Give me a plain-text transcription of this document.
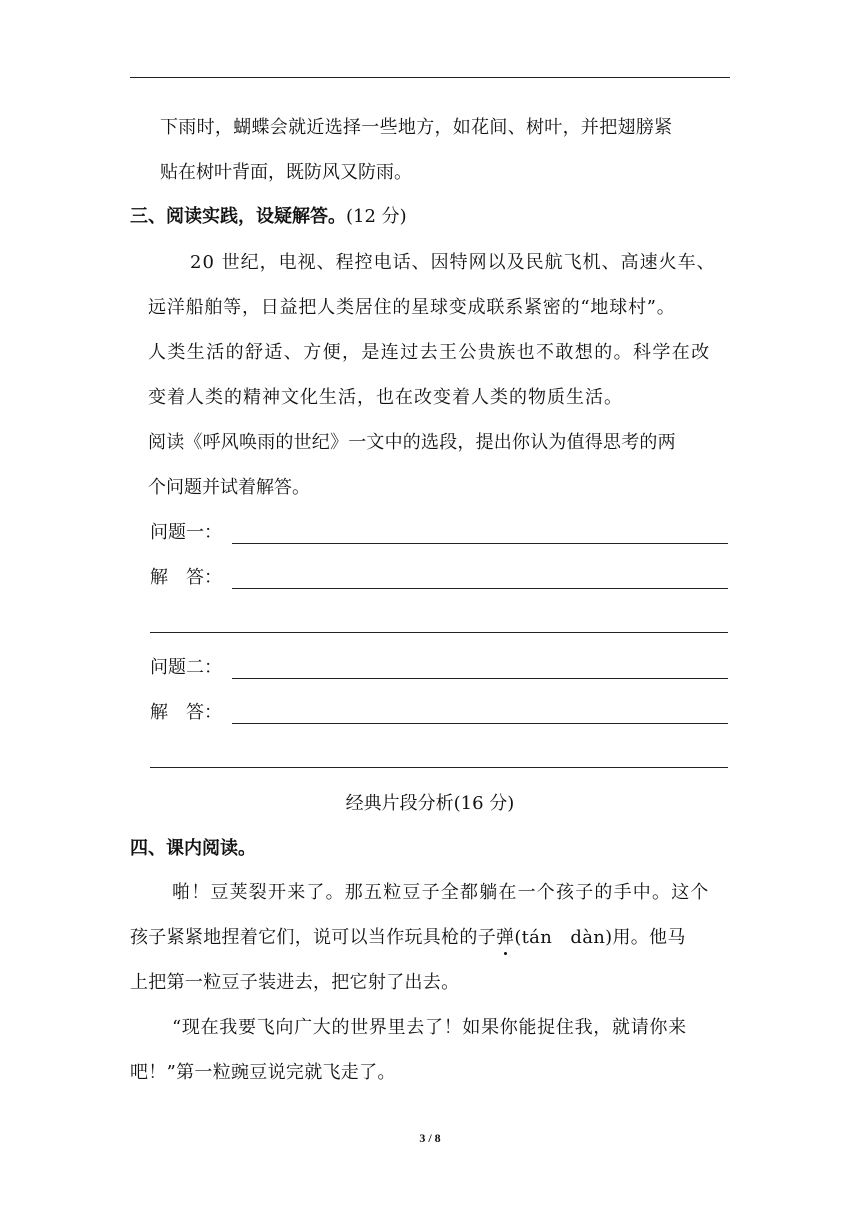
下雨时，蝴蝶会就近选择一些地方，如花间、树叶，并把翅膀紧
贴在树叶背面，既防风又防雨。
三、阅读实践，设疑解答。(12 分)
20 世纪，电视、程控电话、因特网以及民航飞机、高速火车、
远洋船舶等，日益把人类居住的星球变成联系紧密的“地球村”。
人类生活的舒适、方便，是连过去王公贵族也不敢想的。科学在改
变着人类的精神文化生活，也在改变着人类的物质生活。
阅读《呼风唤雨的世纪》一文中的选段，提出你认为值得思考的两
个问题并试着解答。
问题一：
解　答：
问题二：
解　答：
经典片段分析(16 分)
四、课内阅读。
啪！豆荚裂开来了。那五粒豆子全都躺在一个孩子的手中。这个
孩子紧紧地捏着它们，说可以当作玩具枪的子弹(tán　dàn)用。他马
上把第一粒豆子装进去，把它射了出去。
“现在我要飞向广大的世界里去了！如果你能捉住我，就请你来
吧！”第一粒豌豆说完就飞走了。
3 / 8
